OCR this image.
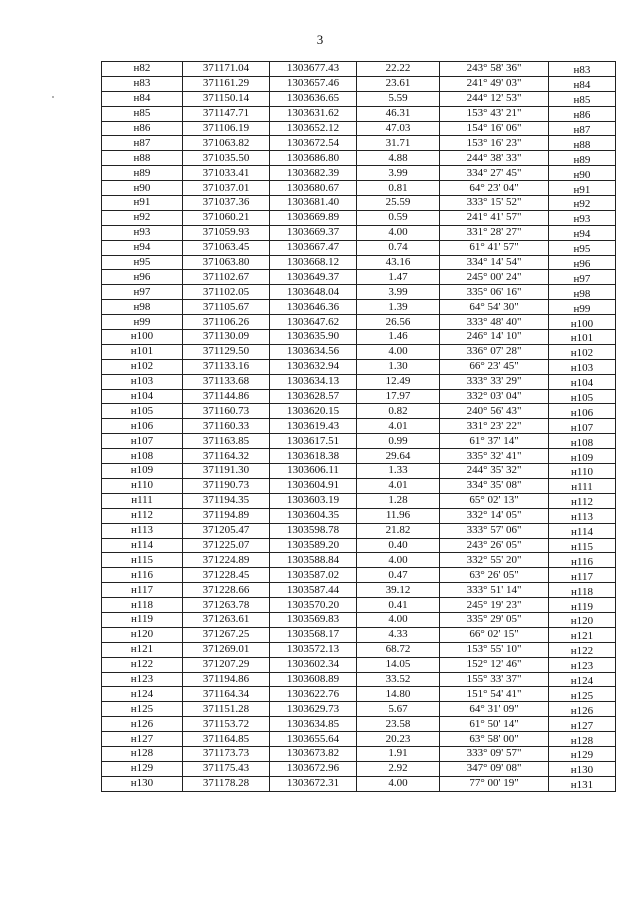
3
н82	371171.04	1303677.43	22.22	243° 58' 36"	н83
н83	371161.29	1303657.46	23.61	241° 49' 03"	н84
н84	371150.14	1303636.65	5.59	244° 12' 53"	н85
н85	371147.71	1303631.62	46.31	153° 43' 21"	н86
н86	371106.19	1303652.12	47.03	154° 16' 06"	н87
н87	371063.82	1303672.54	31.71	153° 16' 23"	н88
н88	371035.50	1303686.80	4.88	244° 38' 33"	н89
н89	371033.41	1303682.39	3.99	334° 27' 45"	н90
н90	371037.01	1303680.67	0.81	64° 23' 04"	н91
н91	371037.36	1303681.40	25.59	333° 15' 52"	н92
н92	371060.21	1303669.89	0.59	241° 41' 57"	н93
н93	371059.93	1303669.37	4.00	331° 28' 27"	н94
н94	371063.45	1303667.47	0.74	61° 41' 57"	н95
н95	371063.80	1303668.12	43.16	334° 14' 54"	н96
н96	371102.67	1303649.37	1.47	245° 00' 24"	н97
н97	371102.05	1303648.04	3.99	335° 06' 16"	н98
н98	371105.67	1303646.36	1.39	64° 54' 30"	н99
н99	371106.26	1303647.62	26.56	333° 48' 40"	н100
н100	371130.09	1303635.90	1.46	246° 14' 10"	н101
н101	371129.50	1303634.56	4.00	336° 07' 28"	н102
н102	371133.16	1303632.94	1.30	66° 23' 45"	н103
н103	371133.68	1303634.13	12.49	333° 33' 29"	н104
н104	371144.86	1303628.57	17.97	332° 03' 04"	н105
н105	371160.73	1303620.15	0.82	240° 56' 43"	н106
н106	371160.33	1303619.43	4.01	331° 23' 22"	н107
н107	371163.85	1303617.51	0.99	61° 37' 14"	н108
н108	371164.32	1303618.38	29.64	335° 32' 41"	н109
н109	371191.30	1303606.11	1.33	244° 35' 32"	н110
н110	371190.73	1303604.91	4.01	334° 35' 08"	н111
н111	371194.35	1303603.19	1.28	65° 02' 13"	н112
н112	371194.89	1303604.35	11.96	332° 14' 05"	н113
н113	371205.47	1303598.78	21.82	333° 57' 06"	н114
н114	371225.07	1303589.20	0.40	243° 26' 05"	н115
н115	371224.89	1303588.84	4.00	332° 55' 20"	н116
н116	371228.45	1303587.02	0.47	63° 26' 05"	н117
н117	371228.66	1303587.44	39.12	333° 51' 14"	н118
н118	371263.78	1303570.20	0.41	245° 19' 23"	н119
н119	371263.61	1303569.83	4.00	335° 29' 05"	н120
н120	371267.25	1303568.17	4.33	66° 02' 15"	н121
н121	371269.01	1303572.13	68.72	153° 55' 10"	н122
н122	371207.29	1303602.34	14.05	152° 12' 46"	н123
н123	371194.86	1303608.89	33.52	155° 33' 37"	н124
н124	371164.34	1303622.76	14.80	151° 54' 41"	н125
н125	371151.28	1303629.73	5.67	64° 31' 09"	н126
н126	371153.72	1303634.85	23.58	61° 50' 14"	н127
н127	371164.85	1303655.64	20.23	63° 58' 00"	н128
н128	371173.73	1303673.82	1.91	333° 09' 57"	н129
н129	371175.43	1303672.96	2.92	347° 09' 08"	н130
н130	371178.28	1303672.31	4.00	77° 00' 19"	н131
